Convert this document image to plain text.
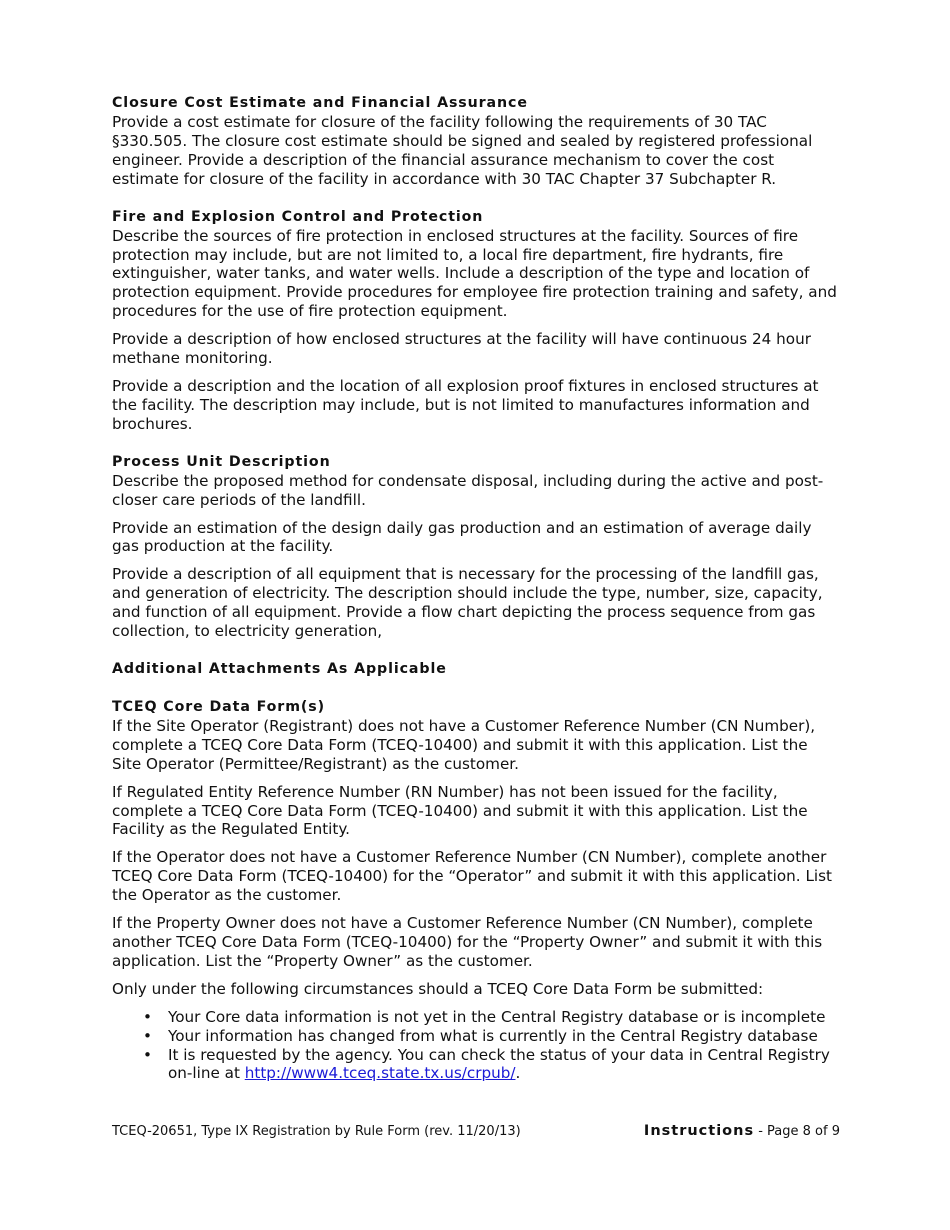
Closure Cost Estimate and Financial Assurance

Provide a cost estimate for closure of the facility following the requirements of 30 TAC §330.505. The closure cost estimate should be signed and sealed by registered professional engineer. Provide a description of the financial assurance mechanism to cover the cost estimate for closure of the facility in accordance with 30 TAC Chapter 37 Subchapter R.

Fire and Explosion Control and Protection

Describe the sources of fire protection in enclosed structures at the facility. Sources of fire protection may include, but are not limited to, a local fire department, fire hydrants, fire extinguisher, water tanks, and water wells. Include a description of the type and location of protection equipment. Provide procedures for employee fire protection training and safety, and procedures for the use of fire protection equipment.

Provide a description of how enclosed structures at the facility will have continuous 24 hour methane monitoring.

Provide a description and the location of all explosion proof fixtures in enclosed structures at the facility. The description may include, but is not limited to manufactures information and brochures.

Process Unit Description

Describe the proposed method for condensate disposal, including during the active and post-closer care periods of the landfill.

Provide an estimation of the design daily gas production and an estimation of average daily gas production at the facility.

Provide a description of all equipment that is necessary for the processing of the landfill gas, and generation of electricity. The description should include the type, number, size, capacity, and function of all equipment. Provide a flow chart depicting the process sequence from gas collection, to electricity generation,

Additional Attachments As Applicable
TCEQ Core Data Form(s)

If the Site Operator (Registrant) does not have a Customer Reference Number (CN Number), complete a TCEQ Core Data Form (TCEQ-10400) and submit it with this application. List the Site Operator (Permittee/Registrant) as the customer.

If Regulated Entity Reference Number (RN Number) has not been issued for the facility, complete a TCEQ Core Data Form (TCEQ-10400) and submit it with this application. List the Facility as the Regulated Entity.

If the Operator does not have a Customer Reference Number (CN Number), complete another TCEQ Core Data Form (TCEQ-10400) for the “Operator” and submit it with this application. List the Operator as the customer.

If the Property Owner does not have a Customer Reference Number (CN Number), complete another TCEQ Core Data Form (TCEQ-10400) for the “Property Owner” and submit it with this application. List the “Property Owner” as the customer.

Only under the following circumstances should a TCEQ Core Data Form be submitted:

• Your Core data information is not yet in the Central Registry database or is incomplete
• Your information has changed from what is currently in the Central Registry database
• It is requested by the agency. You can check the status of your data in Central Registry on-line at http://www4.tceq.state.tx.us/crpub/.
TCEQ-20651, Type IX Registration by Rule Form (rev. 11/20/13)	Instructions - Page 8 of 9
